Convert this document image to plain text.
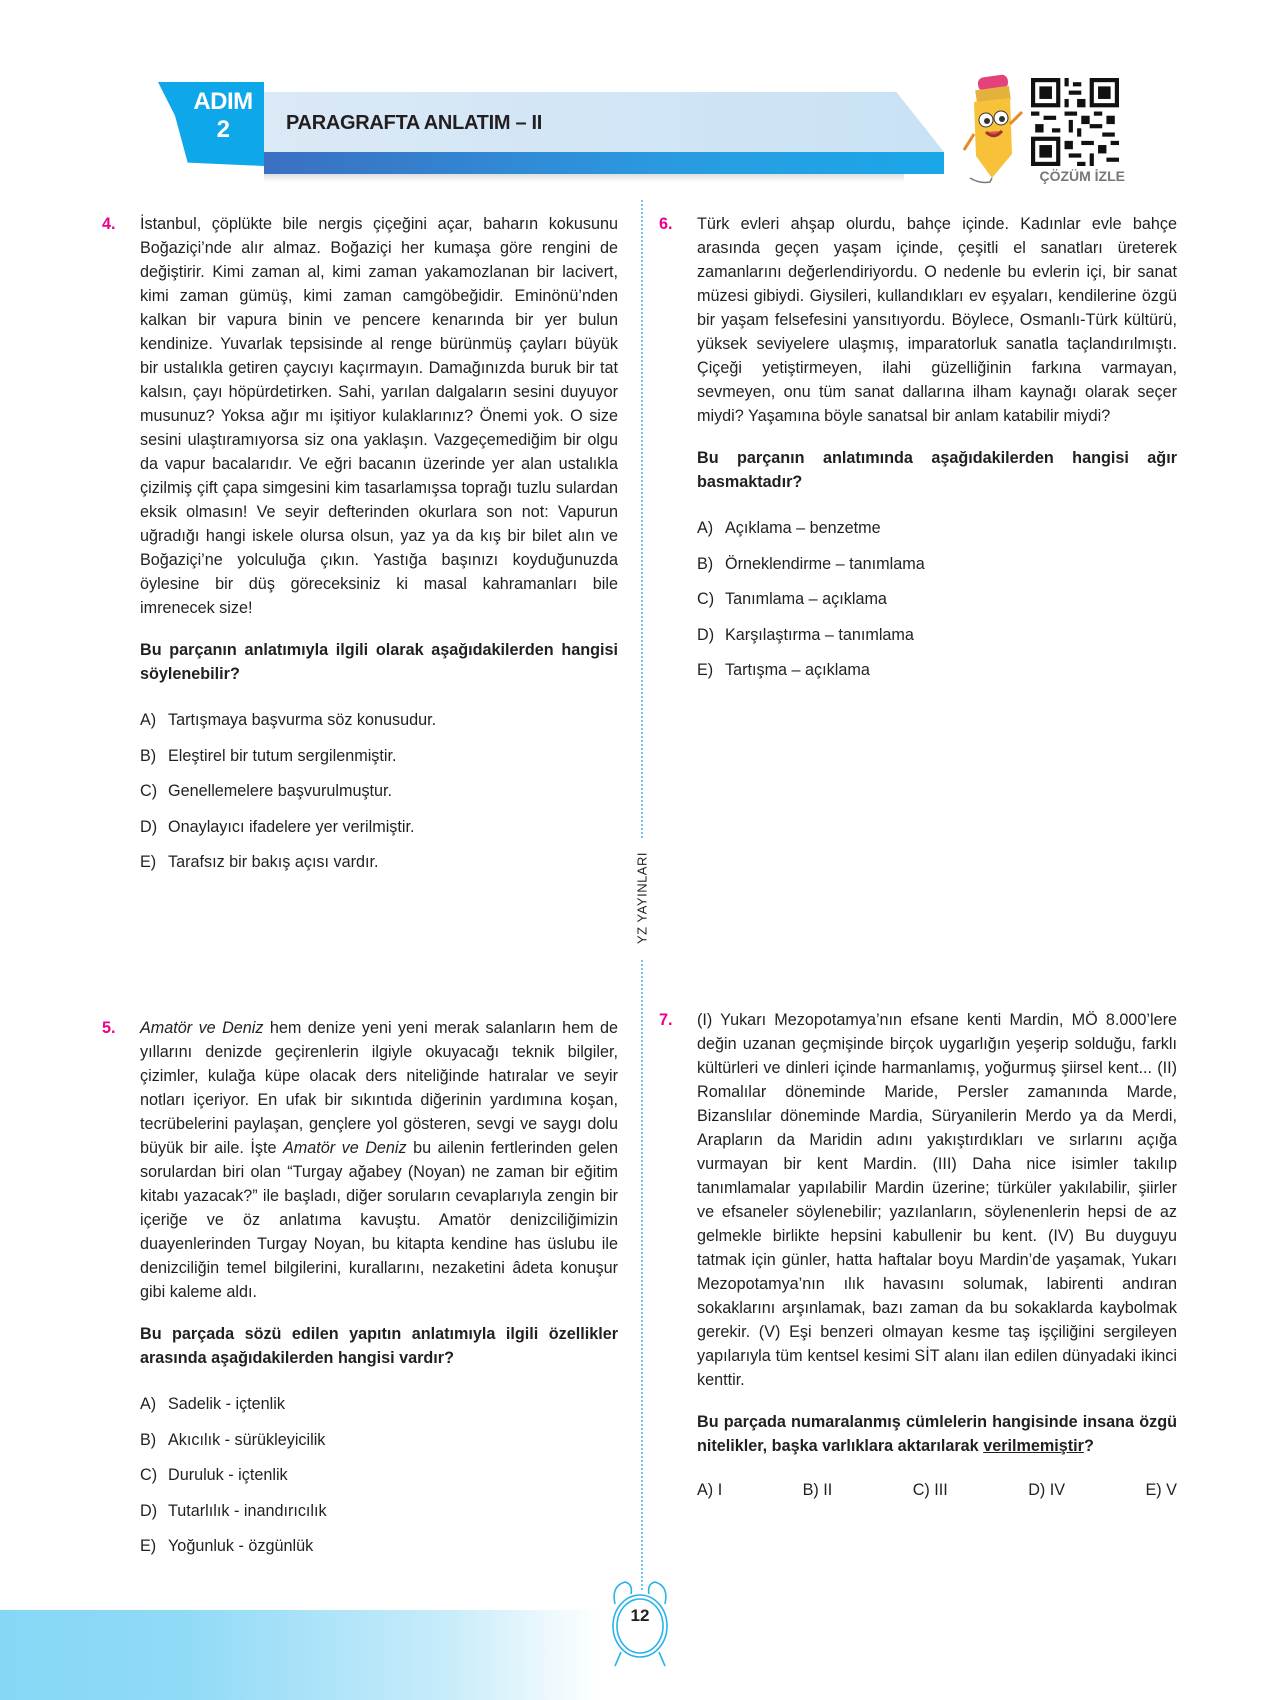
ADIM
2	PARAGRAFTA ANLATIM – II
ÇÖZÜM İZLE
YZ YAYINLARI
4. İstanbul, çöplükte bile nergis çiçeğini açar, baharın kokusunu Boğaziçi’nde alır almaz. Boğaziçi her kumaşa göre rengini de değiştirir. Kimi zaman al, kimi zaman yakamozlanan bir lacivert, kimi zaman gümüş, kimi zaman camgöbeğidir. Eminönü’nden kalkan bir vapura binin ve pencere kenarında bir yer bulun kendinize. Yuvarlak tepsisinde al renge bürünmüş çayları büyük bir ustalıkla getiren çaycıyı kaçırmayın. Damağınızda buruk bir tat kalsın, çayı höpürdetirken. Sahi, yarılan dalgaların sesini duyuyor musunuz? Yoksa ağır mı işitiyor kulaklarınız? Önemi yok. O size sesini ulaştıramıyorsa siz ona yaklaşın. Vazgeçemediğim bir olgu da vapur bacalarıdır. Ve eğri bacanın üzerinde yer alan ustalıkla çizilmiş çift çapa simgesini kim tasarlamışsa toprağı tuzlu sulardan eksik olmasın! Ve seyir defterinden okurlara son not: Vapurun uğradığı hangi iskele olursa olsun, yaz ya da kış bir bilet alın ve Boğaziçi’ne yolculuğa çıkın. Yastığa başınızı koyduğunuzda öylesine bir düş göreceksiniz ki masal kahramanları bile imrenecek size!

Bu parçanın anlatımıyla ilgili olarak aşağıdakilerden hangisi söylenebilir?

A) Tartışmaya başvurma söz konusudur.
B) Eleştirel bir tutum sergilenmiştir.
C) Genellemelere başvurulmuştur.
D) Onaylayıcı ifadelere yer verilmiştir.
E) Tarafsız bir bakış açısı vardır.
5. Amatör ve Deniz hem denize yeni yeni merak salanların hem de yıllarını denizde geçirenlerin ilgiyle okuyacağı teknik bilgiler, çizimler, kulağa küpe olacak ders niteliğinde hatıralar ve seyir notları içeriyor. En ufak bir sıkıntıda diğerinin yardımına koşan, tecrübelerini paylaşan, gençlere yol gösteren, sevgi ve saygı dolu büyük bir aile. İşte Amatör ve Deniz bu ailenin fertlerinden gelen sorulardan biri olan “Turgay ağabey (Noyan) ne zaman bir eğitim kitabı yazacak?” ile başladı, diğer soruların cevaplarıyla zengin bir içeriğe ve öz anlatıma kavuştu. Amatör denizciliğimizin duayenlerinden Turgay Noyan, bu kitapta kendine has üslubu ile denizciliğin temel bilgilerini, kurallarını, nezaketini âdeta konuşur gibi kaleme aldı.

Bu parçada sözü edilen yapıtın anlatımıyla ilgili özellikler arasında aşağıdakilerden hangisi vardır?

A) Sadelik - içtenlik
B) Akıcılık - sürükleyicilik
C) Duruluk - içtenlik
D) Tutarlılık - inandırıcılık
E) Yoğunluk - özgünlük
6. Türk evleri ahşap olurdu, bahçe içinde. Kadınlar evle bahçe arasında geçen yaşam içinde, çeşitli el sanatları üreterek zamanlarını değerlendiriyordu. O nedenle bu evlerin içi, bir sanat müzesi gibiydi. Giysileri, kullandıkları ev eşyaları, kendilerine özgü bir yaşam felsefesini yansıtıyordu. Böylece, Osmanlı-Türk kültürü, yüksek seviyelere ulaşmış, imparatorluk sanatla taçlandırılmıştı. Çiçeği yetiştirmeyen, ilahi güzelliğinin farkına varmayan, sevmeyen, onu tüm sanat dallarına ilham kaynağı olarak seçer miydi? Yaşamına böyle sanatsal bir anlam katabilir miydi?

Bu parçanın anlatımında aşağıdakilerden hangisi ağır basmaktadır?

A) Açıklama – benzetme
B) Örneklendirme – tanımlama
C) Tanımlama – açıklama
D) Karşılaştırma – tanımlama
E) Tartışma – açıklama
7. (I) Yukarı Mezopotamya’nın efsane kenti Mardin, MÖ 8.000’lere değin uzanan geçmişinde birçok uygarlığın yeşerip solduğu, farklı kültürleri ve dinleri içinde harmanlamış, yoğurmuş şiirsel kent... (II) Romalılar döneminde Maride, Persler zamanında Marde, Bizanslılar döneminde Mardia, Süryanilerin Merdo ya da Merdi, Arapların da Maridin adını yakıştırdıkları ve sırlarını açığa vurmayan bir kent Mardin. (III) Daha nice isimler takılıp tanımlamalar yapılabilir Mardin üzerine; türküler yakılabilir, şiirler ve efsaneler söylenebilir; yazılanların, söylenenlerin hepsi de az gelmekle birlikte hepsini kabullenir bu kent. (IV) Bu duyguyu tatmak için günler, hatta haftalar boyu Mardin’de yaşamak, Yukarı Mezopotamya’nın ılık havasını solumak, labirenti andıran sokaklarını arşınlamak, bazı zaman da bu sokaklarda kaybolmak gerekir. (V) Eşi benzeri olmayan kesme taş işçiliğini sergileyen yapılarıyla tüm kentsel kesimi SİT alanı ilan edilen dünyadaki ikinci kenttir.

Bu parçada numaralanmış cümlelerin hangisinde insana özgü nitelikler, başka varlıklara aktarılarak verilmemiştir?

A) I	B) II	C) III	D) IV	E) V
12
